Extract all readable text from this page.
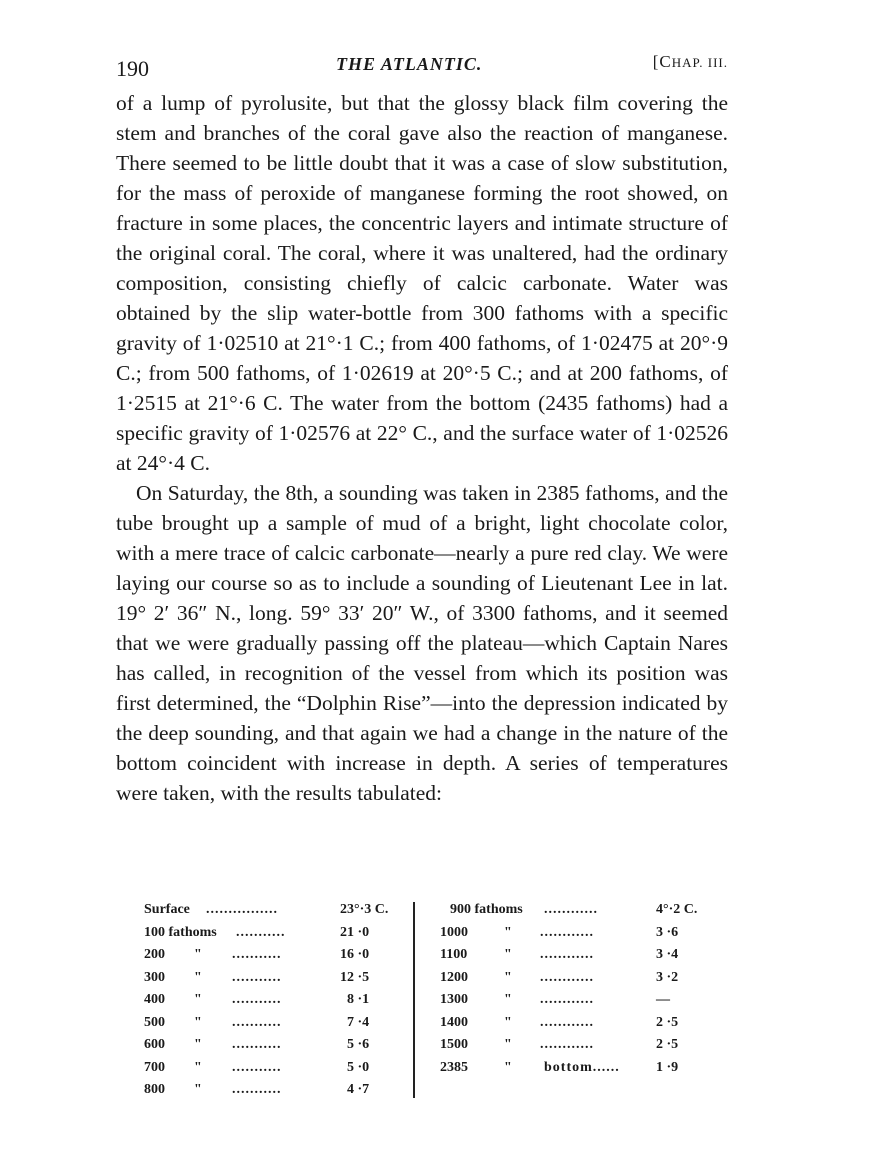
190	THE ATLANTIC.	[CHAP. III.

of a lump of pyrolusite, but that the glossy black film covering the stem and branches of the coral gave also the reaction of manganese. There seemed to be little doubt that it was a case of slow substitution, for the mass of peroxide of manganese forming the root showed, on fracture in some places, the concentric layers and intimate structure of the original coral. The coral, where it was unaltered, had the ordinary composition, consisting chiefly of calcic carbonate. Water was obtained by the slip water-bottle from 300 fathoms with a specific gravity of 1·02510 at 21°·1 C.; from 400 fathoms, of 1·02475 at 20°·9 C.; from 500 fathoms, of 1·02619 at 20°·5 C.; and at 200 fathoms, of 1·2515 at 21°·6 C. The water from the bottom (2435 fathoms) had a specific gravity of 1·02576 at 22° C., and the surface water of 1·02526 at 24°·4 C.

On Saturday, the 8th, a sounding was taken in 2385 fathoms, and the tube brought up a sample of mud of a bright, light chocolate color, with a mere trace of calcic carbonate—nearly a pure red clay. We were laying our course so as to include a sounding of Lieutenant Lee in lat. 19° 2′ 36″ N., long. 59° 33′ 20″ W., of 3300 fathoms, and it seemed that we were gradually passing off the plateau—which Captain Nares has called, in recognition of the vessel from which its position was first determined, the “Dolphin Rise”—into the depression indicated by the deep sounding, and that again we had a change in the nature of the bottom coincident with increase in depth. A series of temperatures were taken, with the results tabulated:

Surface ................	23°·3 C.
100 fathoms ...........	21 ·0
200 " ...........	16 ·0
300 " ...........	12 ·5
400 " ...........	8 ·1
500 " ...........	7 ·4
600 " ...........	5 ·6
700 " ...........	5 ·0
800 " ...........	4 ·7
900 fathoms ............	4°·2 C.
1000	" ............	3 ·6
1100	" ............	3 ·4
1200	" ............	3 ·2
1300	" ............	—
1400	" ............	2 ·5
1500	" ............	2 ·5
2385	" bottom......	1 ·9
